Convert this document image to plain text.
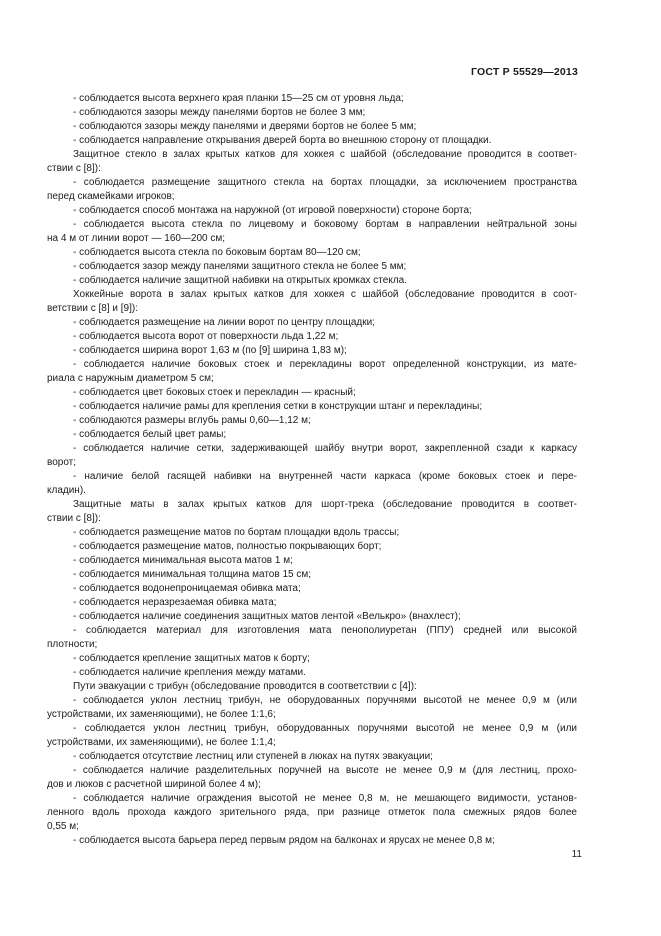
ГОСТ Р 55529—2013
- соблюдается высота верхнего края планки 15—25 см от уровня льда;
- соблюдаются зазоры между панелями бортов не более 3 мм;
- соблюдаются зазоры между панелями и дверями бортов не более 5 мм;
- соблюдается направление открывания дверей борта во внешнюю сторону от площадки.
Защитное стекло в залах крытых катков для хоккея с шайбой (обследование проводится в соответ-
ствии с [8]):
- соблюдается размещение защитного стекла на бортах площадки, за исключением пространства
перед скамейками игроков;
- соблюдается способ монтажа на наружной (от игровой поверхности) стороне борта;
- соблюдается высота стекла по лицевому и боковому бортам в направлении нейтральной зоны
на 4 м от линии ворот — 160—200 см;
- соблюдается высота стекла по боковым бортам 80—120 см;
- соблюдается зазор между панелями защитного стекла не более 5 мм;
- соблюдается наличие защитной набивки на открытых кромках стекла.
Хоккейные ворота в залах крытых катков для хоккея с шайбой (обследование проводится в соот-
ветствии с [8] и [9]):
- соблюдается размещение на линии ворот по центру площадки;
- соблюдается высота ворот от поверхности льда 1,22 м;
- соблюдается ширина ворот 1,63 м (по [9] ширина 1,83 м);
- соблюдается наличие боковых стоек и перекладины ворот определенной конструкции, из мате-
риала с наружным диаметром 5 см;
- соблюдается цвет боковых стоек и перекладин — красный;
- соблюдается наличие рамы для крепления сетки в конструкции штанг и перекладины;
- соблюдаются размеры вглубь рамы 0,60—1,12 м;
- соблюдается белый цвет рамы;
- соблюдается наличие сетки, задерживающей шайбу внутри ворот, закрепленной сзади к каркасу
ворот;
- наличие белой гасящей набивки на внутренней части каркаса (кроме боковых стоек и пере-
кладин).
Защитные маты в залах крытых катков для шорт-трека (обследование проводится в соответ-
ствии с [8]):
- соблюдается размещение матов по бортам площадки вдоль трассы;
- соблюдается размещение матов, полностью покрывающих борт;
- соблюдается минимальная высота матов 1 м;
- соблюдается минимальная толщина матов 15 см;
- соблюдается водонепроницаемая обивка мата;
- соблюдается неразрезаемая обивка мата;
- соблюдается наличие соединения защитных матов лентой «Велькро» (внахлест);
- соблюдается материал для изготовления мата пенополиуретан (ППУ) средней или высокой
плотности;
- соблюдается крепление защитных матов к борту;
- соблюдается наличие крепления между матами.
Пути эвакуации с трибун (обследование проводится в соответствии с [4]):
- соблюдается уклон лестниц трибун, не оборудованных поручнями высотой не менее 0,9 м (или
устройствами, их заменяющими), не более 1:1,6;
- соблюдается уклон лестниц трибун, оборудованных поручнями высотой не менее 0,9 м (или
устройствами, их заменяющими), не более 1:1,4;
- соблюдается отсутствие лестниц или ступеней в люках на путях эвакуации;
- соблюдается наличие разделительных поручней на высоте не менее 0,9 м (для лестниц, прохо-
дов и люков с расчетной шириной более 4 м);
- соблюдается наличие ограждения высотой не менее 0,8 м, не мешающего видимости, установ-
ленного вдоль прохода каждого зрительного ряда, при разнице отметок пола смежных рядов более
0,55 м;
- соблюдается высота барьера перед первым рядом на балконах и ярусах не менее 0,8 м;
11
